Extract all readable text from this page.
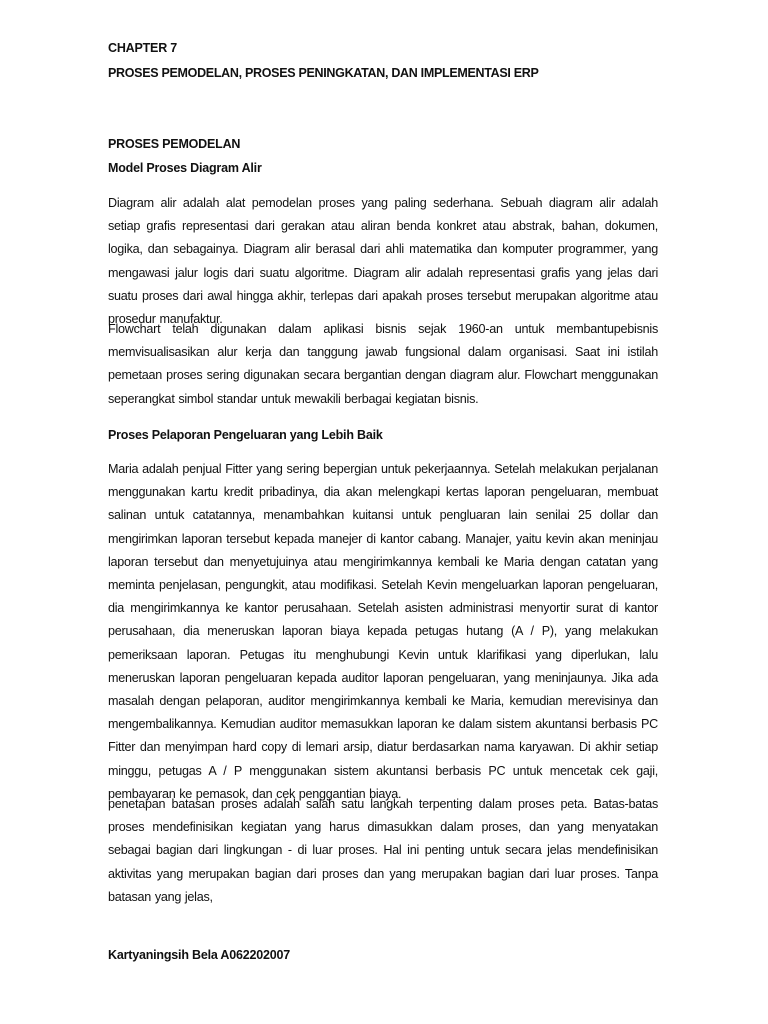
CHAPTER 7
PROSES PEMODELAN, PROSES PENINGKATAN, DAN IMPLEMENTASI ERP
PROSES PEMODELAN
Model Proses Diagram Alir

Diagram alir adalah alat pemodelan proses yang paling sederhana. Sebuah diagram alir adalah setiap grafis representasi dari gerakan atau aliran benda konkret atau abstrak, bahan, dokumen, logika, dan sebagainya. Diagram alir berasal dari ahli matematika dan komputer programmer, yang mengawasi jalur logis dari suatu algoritme. Diagram alir adalah representasi grafis yang jelas dari suatu proses dari awal hingga akhir, terlepas dari apakah proses tersebut merupakan algoritme atau prosedur manufaktur.

Flowchart telah digunakan dalam aplikasi bisnis sejak 1960-an untuk membantupebisnis memvisualisasikan alur kerja dan tanggung jawab fungsional dalam organisasi. Saat ini istilah pemetaan proses sering digunakan secara bergantian dengan diagram alur. Flowchart menggunakan seperangkat simbol standar untuk mewakili berbagai kegiatan bisnis.

Proses Pelaporan Pengeluaran yang Lebih Baik

Maria adalah penjual Fitter yang sering bepergian untuk pekerjaannya. Setelah melakukan perjalanan menggunakan kartu kredit pribadinya, dia akan melengkapi kertas laporan pengeluaran, membuat salinan untuk catatannya, menambahkan kuitansi untuk pengluaran lain senilai 25 dollar dan mengirimkan laporan tersebut kepada manejer di kantor cabang. Manajer, yaitu kevin akan meninjau laporan tersebut dan menyetujuinya atau mengirimkannya kembali ke Maria dengan catatan yang meminta penjelasan, pengungkit, atau modifikasi. Setelah Kevin mengeluarkan laporan pengeluaran, dia mengirimkannya ke kantor perusahaan. Setelah asisten administrasi menyortir surat di kantor perusahaan, dia meneruskan laporan biaya kepada petugas hutang (A / P), yang melakukan pemeriksaan laporan. Petugas itu menghubungi Kevin untuk klarifikasi yang diperlukan, lalu meneruskan laporan pengeluaran kepada auditor laporan pengeluaran, yang meninjaunya. Jika ada masalah dengan pelaporan, auditor mengirimkannya kembali ke Maria, kemudian merevisinya dan mengembalikannya. Kemudian auditor memasukkan laporan ke dalam sistem akuntansi berbasis PC Fitter dan menyimpan hard copy di lemari arsip, diatur berdasarkan nama karyawan. Di akhir setiap minggu, petugas A / P menggunakan sistem akuntansi berbasis PC untuk mencetak cek gaji, pembayaran ke pemasok, dan cek penggantian biaya.

penetapan batasan proses adalah salah satu langkah terpenting dalam proses peta. Batas-batas proses mendefinisikan kegiatan yang harus dimasukkan dalam proses, dan yang menyatakan sebagai bagian dari lingkungan - di luar proses. Hal ini penting untuk secara jelas mendefinisikan aktivitas yang merupakan bagian dari proses dan yang merupakan bagian dari luar proses. Tanpa batasan yang jelas,

Kartyaningsih Bela A062202007
